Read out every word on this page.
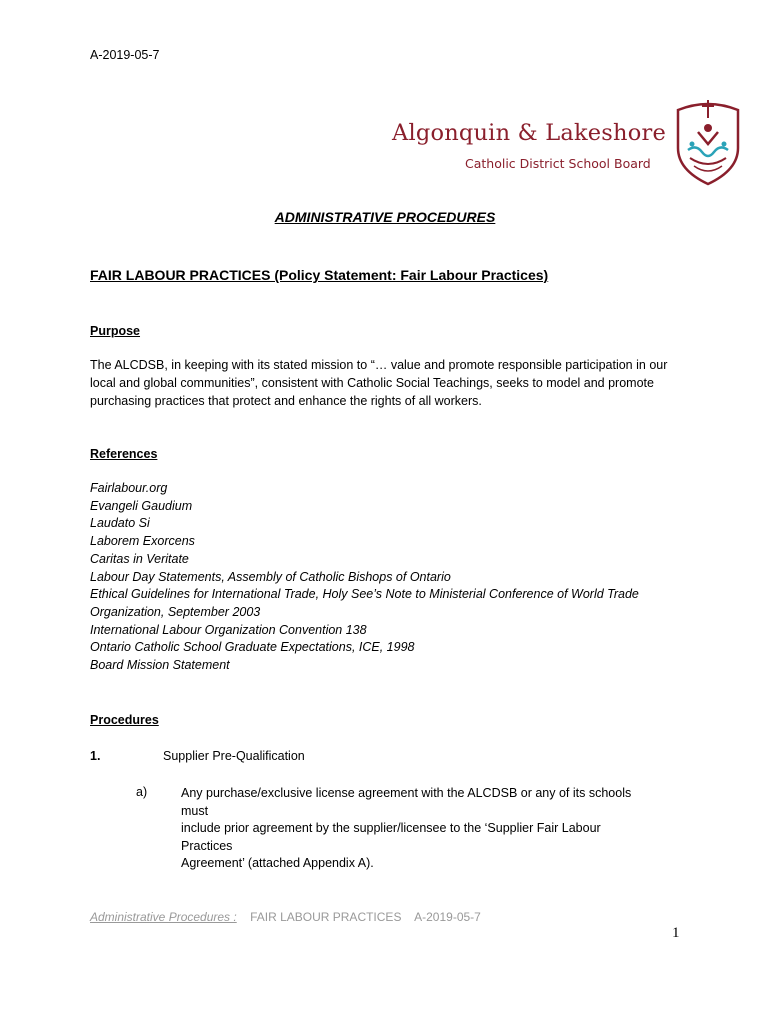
A-2019-05-7
Algonquin & Lakeshore
Catholic District School Board
ADMINISTRATIVE PROCEDURES
FAIR LABOUR PRACTICES (Policy Statement: Fair Labour Practices)
Purpose
The ALCDSB, in keeping with its stated mission to “… value and promote responsible participation in our
local and global communities”, consistent with Catholic Social Teachings, seeks to model and promote
purchasing practices that protect and enhance the rights of all workers.
References
Fairlabour.org
Evangeli Gaudium
Laudato Si
Laborem Exorcens
Caritas in Veritate
Labour Day Statements, Assembly of Catholic Bishops of Ontario
Ethical Guidelines for International Trade, Holy See’s Note to Ministerial Conference of World Trade
Organization, September 2003
International Labour Organization Convention 138
Ontario Catholic School Graduate Expectations, ICE, 1998
Board Mission Statement
Procedures
1.	Supplier Pre-Qualification
a)	Any purchase/exclusive license agreement with the ALCDSB or any of its schools must
include prior agreement by the supplier/licensee to the ‘Supplier Fair Labour Practices
Agreement’ (attached Appendix A).
Administrative Procedures : FAIR LABOUR PRACTICES A-2019-05-7
1
